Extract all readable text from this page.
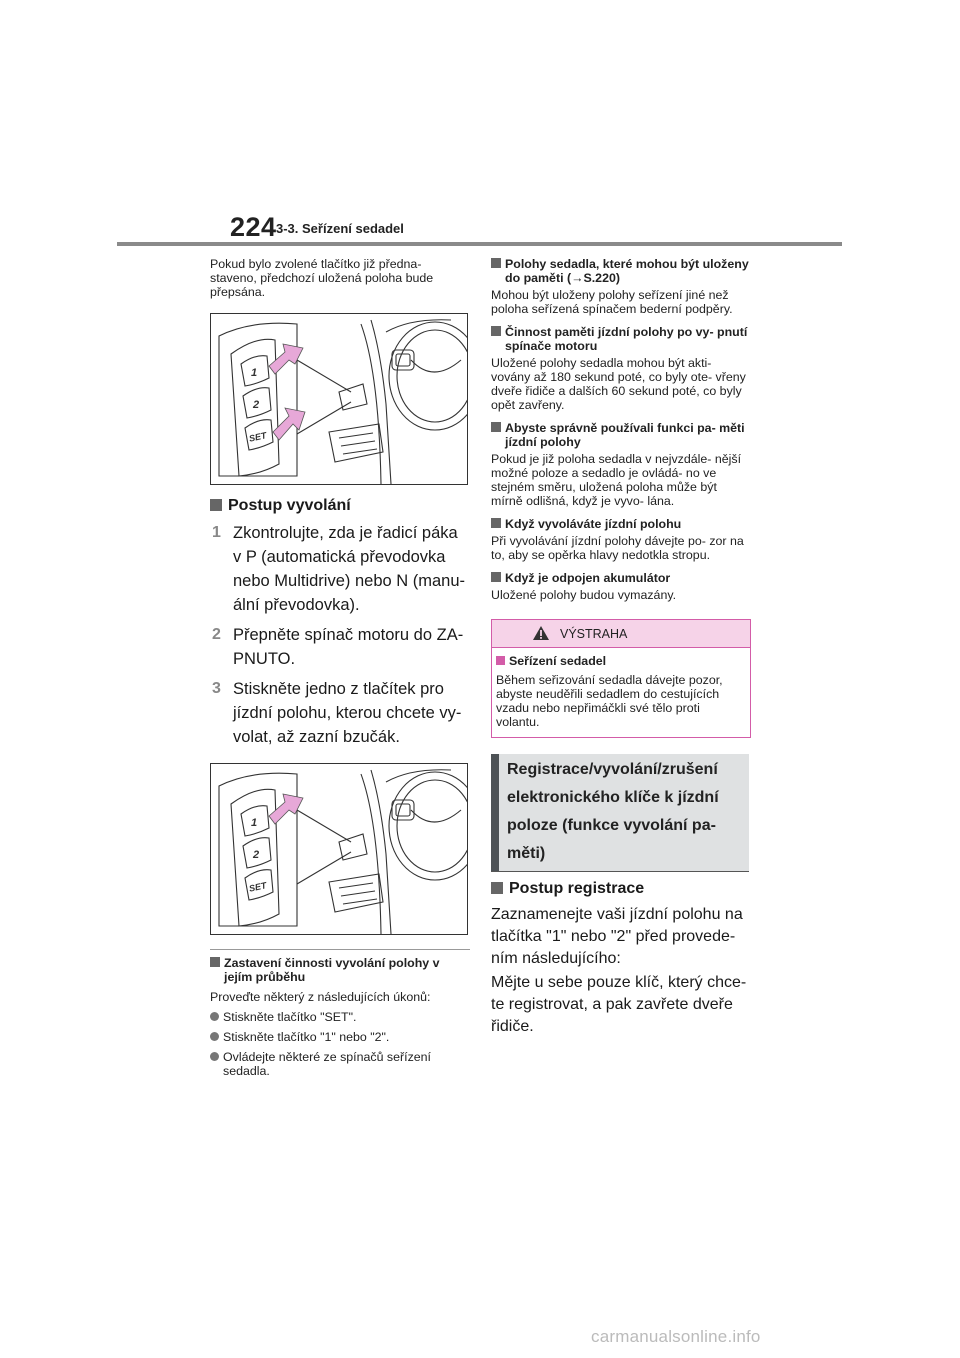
224 3-3. Seřízení sedadel

Pokud bylo zvolené tlačítko již předna- staveno, předchozí uložená poloha bude přepsána.

1
2
SET

Postup vyvolání

1 Zkontrolujte, zda je řadicí páka v P (automatická převodovka nebo Multidrive) nebo N (manu- ální převodovka).
2 Přepněte spínač motoru do ZA- PNUTO.
3 Stiskněte jedno z tlačítek pro jízdní polohu, kterou chcete vy- volat, až zazní bzučák.
1
2
SET

Zastavení činnosti vyvolání polohy v jejím průběhu

Proveďte některý z následujících úkonů:

Stiskněte tlačítko "SET".

Stiskněte tlačítko "1" nebo "2".

Ovládejte některé ze spínačů seřízení sedadla.

Polohy sedadla, které mohou být uloženy do paměti (→S.220)

Mohou být uloženy polohy seřízení jiné než poloha seřízená spínačem bederní podpěry.

Činnost paměti jízdní polohy po vy- pnutí spínače motoru

Uložené polohy sedadla mohou být akti- vovány až 180 sekund poté, co byly ote- vřeny dveře řidiče a dalších 60 sekund poté, co byly opět zavřeny.

Abyste správně používali funkci pa- měti jízdní polohy

Pokud je již poloha sedadla v nejvzdále- nější možné poloze a sedadlo je ovládá- no ve stejném směru, uložená poloha může být mírně odlišná, když je vyvo- lána.

Když vyvoláváte jízdní polohu

Při vyvolávání jízdní polohy dávejte po- zor na to, aby se opěrka hlavy nedotkla stropu.

Když je odpojen akumulátor

Uložené polohy budou vymazány.

VÝSTRAHA

Seřízení sedadel

Během seřizování sedadla dávejte pozor, abyste neuděřili sedadlem do cestujících vzadu nebo nepřimáčkli své tělo proti volantu.

Registrace/vyvolání/zrušení
elektronického klíče k jízdní
poloze (funkce vyvolání pa-
měti)

Postup registrace

Zaznamenejte vaši jízdní polohu na tlačítka "1" nebo "2" před provede- ním následujícího:

Mějte u sebe pouze klíč, který chce- te registrovat, a pak zavřete dveře řidiče.

carmanualsonline.info
